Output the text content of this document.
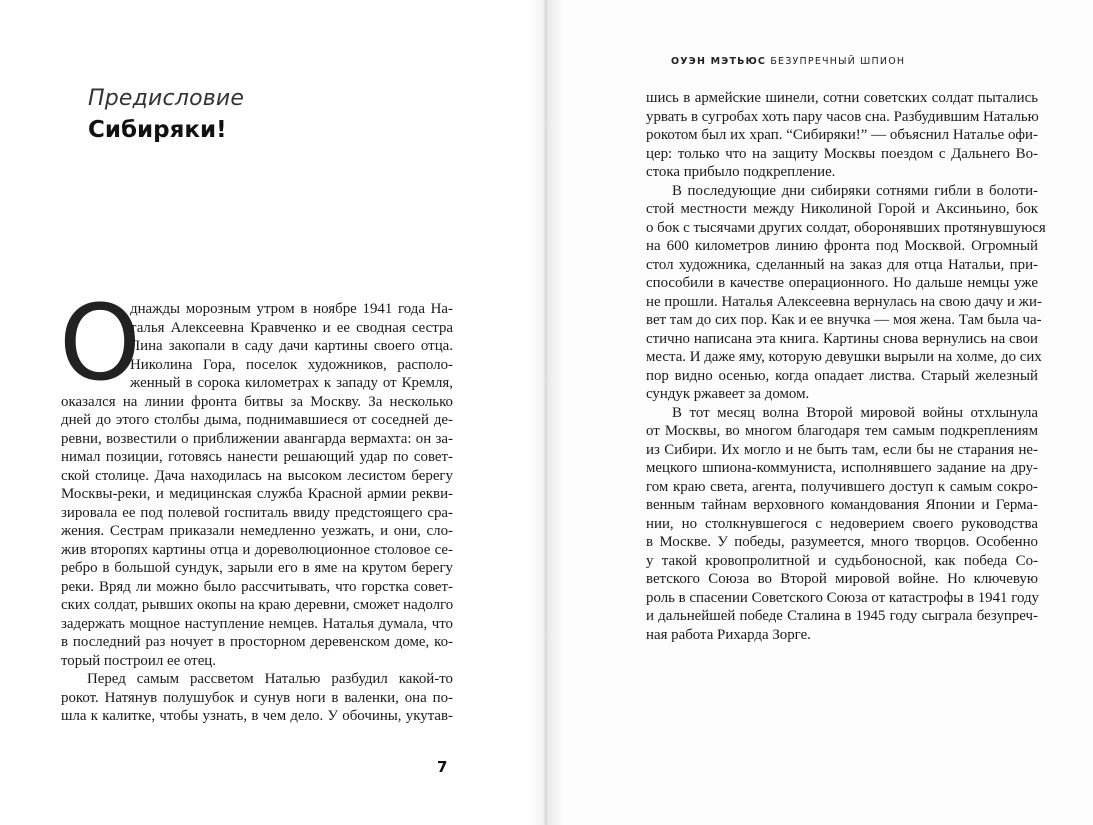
Предисловие
Сибиряки!
О
днажды морозным утром в ноябре 1941 года На-
талья Алексеевна Кравченко и ее сводная сестра
Лина закопали в саду дачи картины своего отца.
Николина Гора, поселок художников, располо-
женный в сорока километрах к западу от Кремля,
оказался на линии фронта битвы за Москву. За несколько
дней до этого столбы дыма, поднимавшиеся от соседней де-
ревни, возвестили о приближении авангарда вермахта: он за-
нимал позиции, готовясь нанести решающий удар по совет-
ской столице. Дача находилась на высоком лесистом берегу
Москвы-реки, и медицинская служба Красной армии рекви-
зировала ее под полевой госпиталь ввиду предстоящего сра-
жения. Сестрам приказали немедленно уезжать, и они, сло-
жив второпях картины отца и дореволюционное столовое се-
ребро в большой сундук, зарыли его в яме на крутом берегу
реки. Вряд ли можно было рассчитывать, что горстка совет-
ских солдат, рывших окопы на краю деревни, сможет надолго
задержать мощное наступление немцев. Наталья думала, что
в последний раз ночует в просторном деревенском доме, ко-
торый построил ее отец.
Перед самым рассветом Наталью разбудил какой-то
рокот. Натянув полушубок и сунув ноги в валенки, она по-
шла к калитке, чтобы узнать, в чем дело. У обочины, укутав-
7
ОУЭН МЭТЬЮС БЕЗУПРЕЧНЫЙ ШПИОН
шись в армейские шинели, сотни советских солдат пытались
урвать в сугробах хоть пару часов сна. Разбудившим Наталью
рокотом был их храп. “Сибиряки!” — объяснил Наталье офи-
цер: только что на защиту Москвы поездом с Дальнего Во-
стока прибыло подкрепление.
В последующие дни сибиряки сотнями гибли в болоти-
стой местности между Николиной Горой и Аксиньино, бок
о бок с тысячами других солдат, оборонявших протянувшуюся
на 600 километров линию фронта под Москвой. Огромный
стол художника, сделанный на заказ для отца Натальи, при-
способили в качестве операционного. Но дальше немцы уже
не прошли. Наталья Алексеевна вернулась на свою дачу и жи-
вет там до сих пор. Как и ее внучка — моя жена. Там была ча-
стично написана эта книга. Картины снова вернулись на свои
места. И даже яму, которую девушки вырыли на холме, до сих
пор видно осенью, когда опадает листва. Старый железный
сундук ржавеет за домом.
В тот месяц волна Второй мировой войны отхлынула
от Москвы, во многом благодаря тем самым подкреплениям
из Сибири. Их могло и не быть там, если бы не старания не-
мецкого шпиона-коммуниста, исполнявшего задание на дру-
гом краю света, агента, получившего доступ к самым сокро-
венным тайнам верховного командования Японии и Герма-
нии, но столкнувшегося с недоверием своего руководства
в Москве. У победы, разумеется, много творцов. Особенно
у такой кровопролитной и судьбоносной, как победа Со-
ветского Союза во Второй мировой войне. Но ключевую
роль в спасении Советского Союза от катастрофы в 1941 году
и дальнейшей победе Сталина в 1945 году сыграла безупреч-
ная работа Рихарда Зорге.
